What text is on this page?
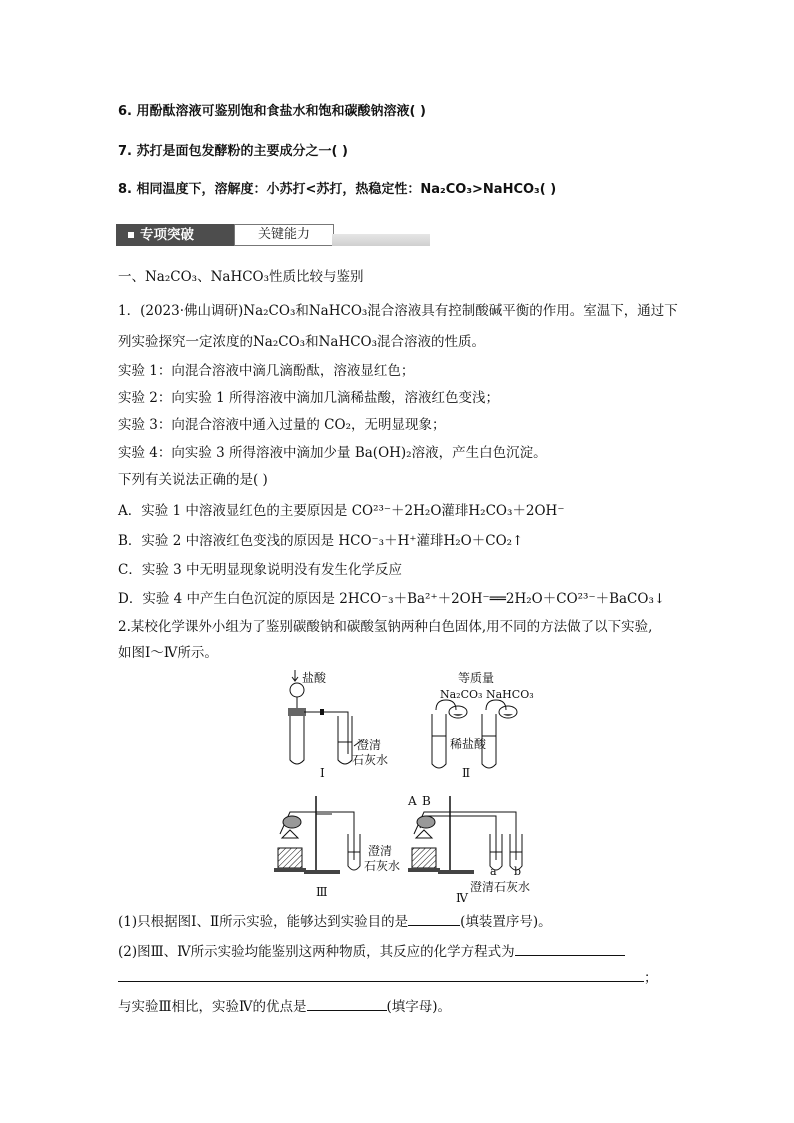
6. 用酚酞溶液可鉴别饱和食盐水和饱和碳酸钠溶液( )
7. 苏打是面包发酵粉的主要成分之一( )
8. 相同温度下，溶解度：小苏打<苏打，热稳定性：Na₂CO₃>NaHCO₃( )
专项突破	关键能力
一、Na₂CO₃、NaHCO₃性质比较与鉴别
1．(2023·佛山调研)Na₂CO₃和NaHCO₃混合溶液具有控制酸碱平衡的作用。室温下，通过下
列实验探究一定浓度的Na₂CO₃和NaHCO₃混合溶液的性质。
实验 1：向混合溶液中滴几滴酚酞，溶液显红色；
实验 2：向实验 1 所得溶液中滴加几滴稀盐酸，溶液红色变浅；
实验 3：向混合溶液中通入过量的 CO₂，无明显现象；
实验 4：向实验 3 所得溶液中滴加少量 Ba(OH)₂溶液，产生白色沉淀。
下列有关说法正确的是( )
A．实验 1 中溶液显红色的主要原因是 CO²³⁻＋2H₂O灌琲H₂CO₃＋2OH⁻
B．实验 2 中溶液红色变浅的原因是 HCO⁻₃＋H⁺灌琲H₂O＋CO₂↑
C．实验 3 中无明显现象说明没有发生化学反应
D．实验 4 中产生白色沉淀的原因是 2HCO⁻₃＋Ba²⁺＋2OH⁻══2H₂O＋CO²³⁻＋BaCO₃↓
2.某校化学课外小组为了鉴别碳酸钠和碳酸氢钠两种白色固体,用不同的方法做了以下实验,
如图Ⅰ～Ⅳ所示。
盐酸
澄清
石灰水
Ⅰ
等质量
Na₂CO₃ NaHCO₃
稀盐酸
Ⅱ
澄清
石灰水
Ⅲ
A B
a b
澄清石灰水
Ⅳ
(1)只根据图Ⅰ、Ⅱ所示实验，能够达到实验目的是	(填装置序号)。
(2)图Ⅲ、Ⅳ所示实验均能鉴别这两种物质，其反应的化学方程式为
；
与实验Ⅲ相比，实验Ⅳ的优点是	(填字母)。
